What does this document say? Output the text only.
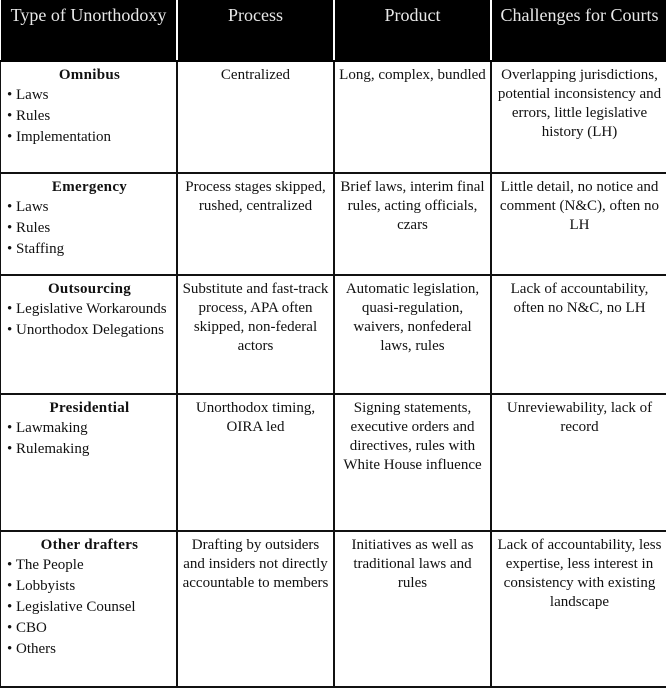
Type of Unorthodoxy	Process	Product	Challenges for Courts

Omnibus
• Laws
• Rules
• Implementation
	Centralized	Long, complex, bundled	Overlapping jurisdictions, potential inconsistency and errors, little legislative history (LH)

Emergency
• Laws
• Rules
• Staffing
	Process stages skipped, rushed, centralized	Brief laws, interim final rules, acting officials, czars	Little detail, no notice and comment (N&C), often no LH

Outsourcing
• Legislative Workarounds
• Unorthodox Delegations
	Substitute and fast-track process, APA often skipped, non-federal actors	Automatic legislation, quasi-regulation, waivers, nonfederal laws, rules	Lack of accountability, often no N&C, no LH

Presidential
• Lawmaking
• Rulemaking
	Unorthodox timing, OIRA led	Signing statements, executive orders and directives, rules with White House influence	Unreviewability, lack of record

Other drafters
• The People
• Lobbyists
• Legislative Counsel
• CBO
• Others
	Drafting by outsiders and insiders not directly accountable to members	Initiatives as well as traditional laws and rules	Lack of accountability, less expertise, less interest in consistency with existing landscape
